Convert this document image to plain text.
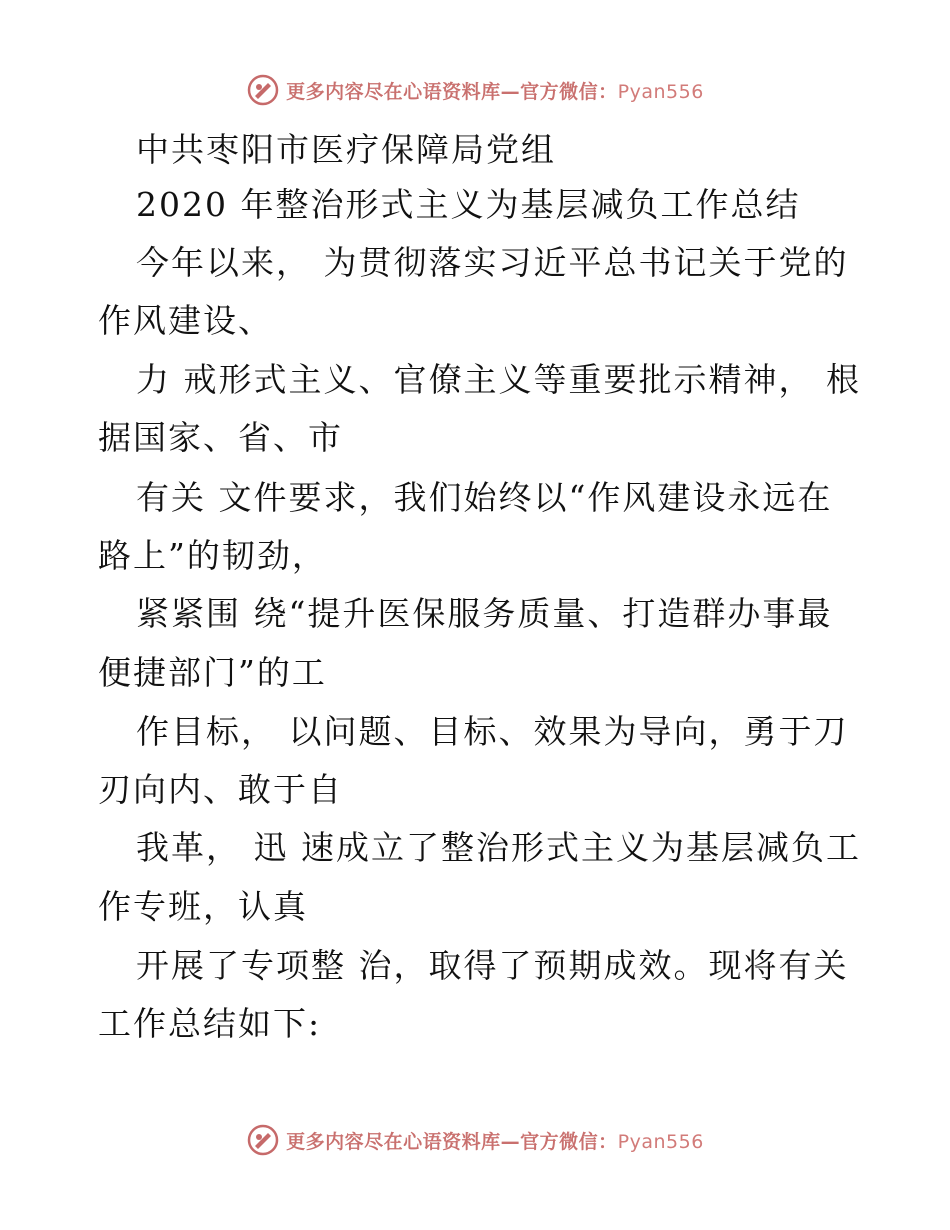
更多内容尽在心语资料库—官方微信：Pyan556
中共枣阳市医疗保障局党组
2020 年整治形式主义为基层减负工作总结
今年以来， 为贯彻落实习近平总书记关于党的
作风建设、
力 戒形式主义、官僚主义等重要批示精神， 根
据国家、省、市
有关 文件要求，我们始终以“作风建设永远在
路上”的韧劲，
紧紧围 绕“提升医保服务质量、打造群办事最
便捷部门”的工
作目标， 以问题、目标、效果为导向，勇于刀
刃向内、敢于自
我革， 迅 速成立了整治形式主义为基层减负工
作专班，认真
开展了专项整 治，取得了预期成效。现将有关
工作总结如下:
更多内容尽在心语资料库—官方微信：Pyan556
